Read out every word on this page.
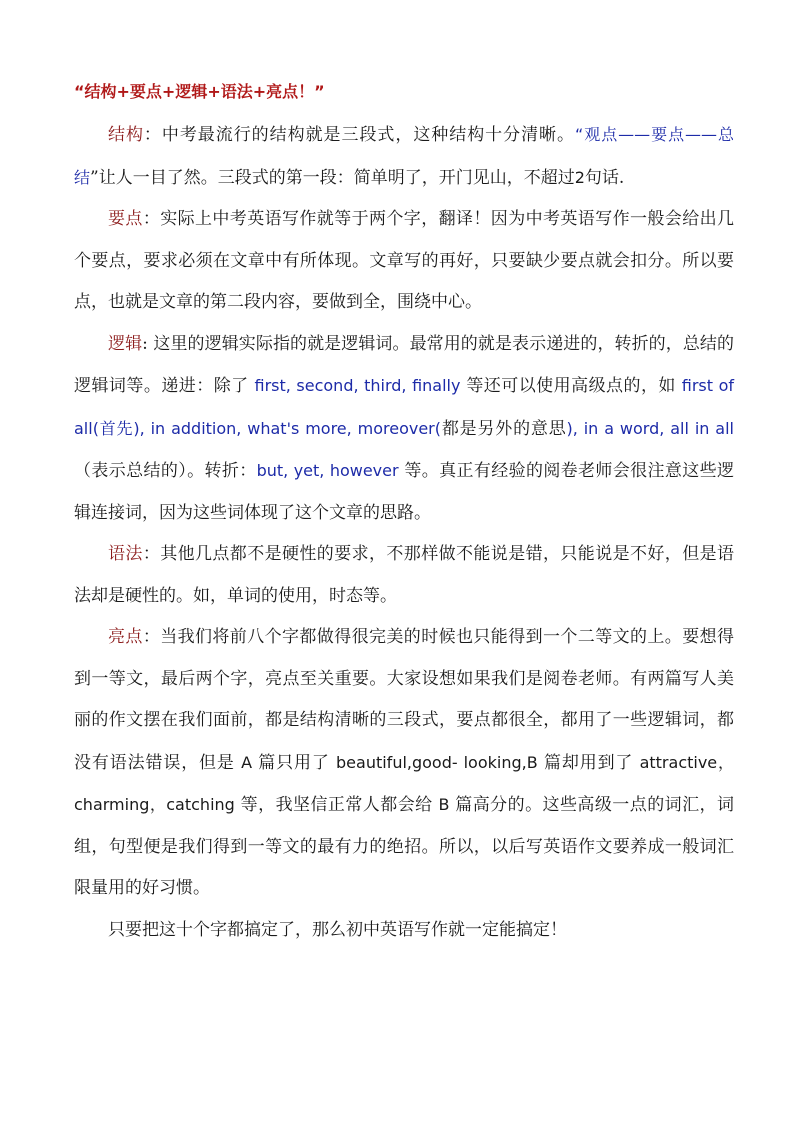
“结构+要点+逻辑+语法+亮点！”

结构：中考最流行的结构就是三段式，这种结构十分清晰。“观点——要点——总结”让人一目了然。三段式的第一段：简单明了，开门见山，不超过2句话.

要点：实际上中考英语写作就等于两个字，翻译！因为中考英语写作一般会给出几个要点，要求必须在文章中有所体现。文章写的再好，只要缺少要点就会扣分。所以要点，也就是文章的第二段内容，要做到全，围绕中心。

逻辑: 这里的逻辑实际指的就是逻辑词。最常用的就是表示递进的，转折的，总结的逻辑词等。递进：除了 first, second, third, finally 等还可以使用高级点的，如 first of all(首先), in addition, what's more, moreover(都是另外的意思), in a word, all in all（表示总结的）。转折：but, yet, however 等。真正有经验的阅卷老师会很注意这些逻辑连接词，因为这些词体现了这个文章的思路。

语法：其他几点都不是硬性的要求，不那样做不能说是错，只能说是不好，但是语法却是硬性的。如，单词的使用，时态等。

亮点：当我们将前八个字都做得很完美的时候也只能得到一个二等文的上。要想得到一等文，最后两个字，亮点至关重要。大家设想如果我们是阅卷老师。有两篇写人美丽的作文摆在我们面前，都是结构清晰的三段式，要点都很全，都用了一些逻辑词，都没有语法错误，但是 A 篇只用了 beautiful,good- looking,B 篇却用到了 attractive，charming，catching 等，我坚信正常人都会给 B 篇高分的。这些高级一点的词汇，词组，句型便是我们得到一等文的最有力的绝招。所以，以后写英语作文要养成一般词汇限量用的好习惯。

只要把这十个字都搞定了，那么初中英语写作就一定能搞定！
